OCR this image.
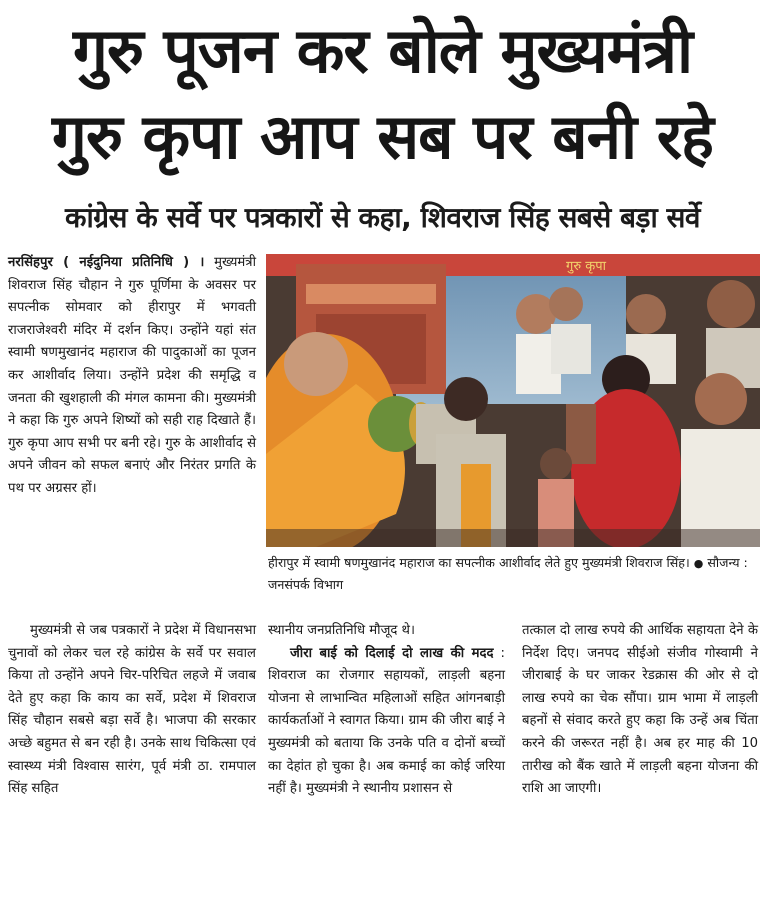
गुरु पूजन कर बोले मुख्यमंत्री
गुरु कृपा आप सब पर बनी रहे
कांग्रेस के सर्वे पर पत्रकारों से कहा, शिवराज सिंह सबसे बड़ा सर्वे

नरसिंहपुर ( नईदुनिया प्रतिनिधि ) । मुख्यमंत्री शिवराज सिंह चौहान ने गुरु पूर्णिमा के अवसर पर सपत्नीक सोमवार को हीरापुर में भगवती राजराजेश्वरी मंदिर में दर्शन किए। उन्होंने यहां संत स्वामी षणमुखानंद महाराज की पादुकाओं का पूजन कर आशीर्वाद लिया। उन्होंने प्रदेश की समृद्धि व जनता की खुशहाली की मंगल कामना की। मुख्यमंत्री ने कहा कि गुरु अपने शिष्यों को सही राह दिखाते हैं। गुरु कृपा आप सभी पर बनी रहे। गुरु के आशीर्वाद से अपने जीवन को सफल बनाएं और निरंतर प्रगति के पथ पर अग्रसर हों।

गुरु कृपा
हीरापुर में स्वामी षणमुखानंद महाराज का सपत्नीक आशीर्वाद लेते हुए मुख्यमंत्री शिवराज सिंह। ● सौजन्य : जनसंपर्क विभाग

मुख्यमंत्री से जब पत्रकारों ने प्रदेश में विधानसभा चुनावों को लेकर चल रहे कांग्रेस के सर्वे पर सवाल किया तो उन्होंने अपने चिर-परिचित लहजे में जवाब देते हुए कहा कि काय का सर्वे, प्रदेश में शिवराज सिंह चौहान सबसे बड़ा सर्वे है। भाजपा की सरकार अच्छे बहुमत से बन रही है। उनके साथ चिकित्सा एवं स्वास्थ्य मंत्री विश्वास सारंग, पूर्व मंत्री ठा. रामपाल सिंह सहित

स्थानीय जनप्रतिनिधि मौजूद थे।

जीरा बाई को दिलाई दो लाख की मदद : शिवराज का रोजगार सहायकों, लाड़ली बहना योजना से लाभान्वित महिलाओं सहित आंगनबाड़ी कार्यकर्ताओं ने स्वागत किया। ग्राम की जीरा बाई ने मुख्यमंत्री को बताया कि उनके पति व दोनों बच्चों का देहांत हो चुका है। अब कमाई का कोई जरिया नहीं है। मुख्यमंत्री ने स्थानीय प्रशासन से

तत्काल दो लाख रुपये की आर्थिक सहायता देने के निर्देश दिए। जनपद सीईओ संजीव गोस्वामी ने जीराबाई के घर जाकर रेडक्रास की ओर से दो लाख रुपये का चेक सौंपा। ग्राम भामा में लाड़ली बहनों से संवाद करते हुए कहा कि उन्हें अब चिंता करने की जरूरत नहीं है। अब हर माह की 10 तारीख को बैंक खाते में लाड़ली बहना योजना की राशि आ जाएगी।
